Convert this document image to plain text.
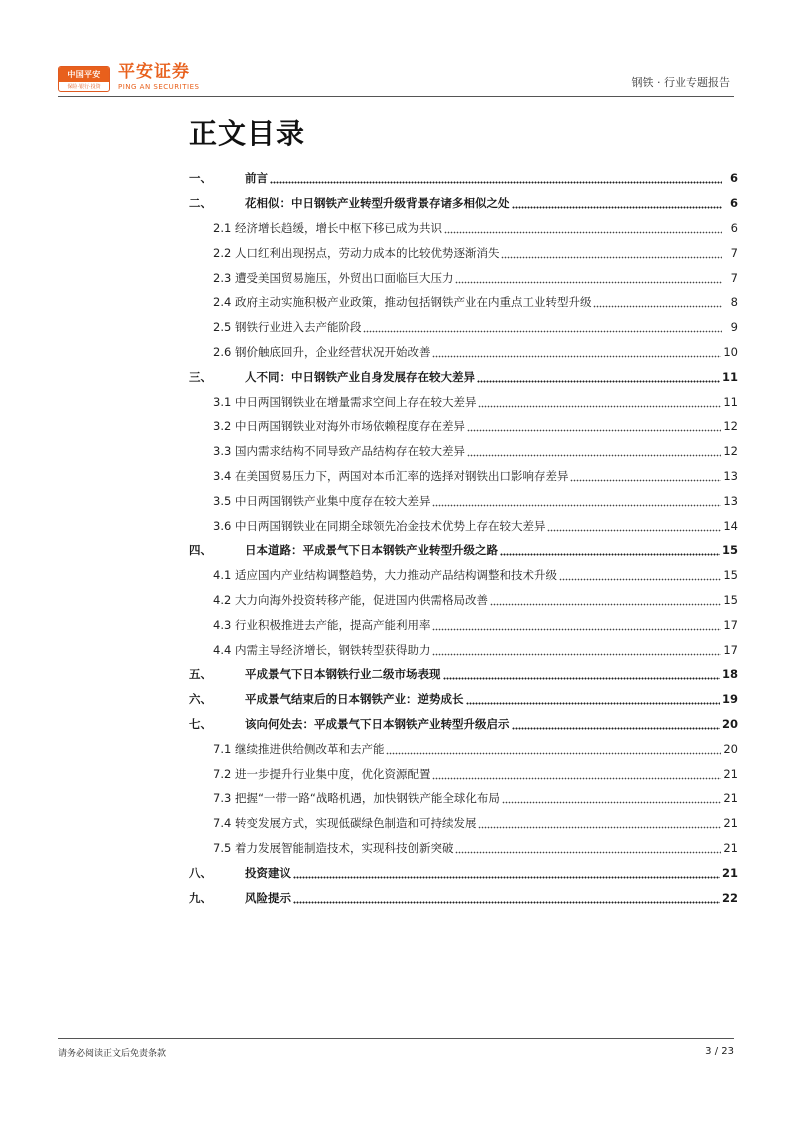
中国平安
保险·银行·投资
平安证券
PING AN SECURITIES	钢铁 · 行业专题报告
正文目录
一、	前言	6
二、	花相似：中日钢铁产业转型升级背景存诸多相似之处	6
2.1 经济增长趋缓，增长中枢下移已成为共识	6
2.2 人口红利出现拐点，劳动力成本的比较优势逐渐消失	7
2.3 遭受美国贸易施压，外贸出口面临巨大压力	7
2.4 政府主动实施积极产业政策，推动包括钢铁产业在内重点工业转型升级	8
2.5 钢铁行业进入去产能阶段	9
2.6 钢价触底回升，企业经营状况开始改善	10
三、	人不同：中日钢铁产业自身发展存在较大差异	11
3.1 中日两国钢铁业在增量需求空间上存在较大差异	11
3.2 中日两国钢铁业对海外市场依赖程度存在差异	12
3.3 国内需求结构不同导致产品结构存在较大差异	12
3.4 在美国贸易压力下，两国对本币汇率的选择对钢铁出口影响存差异	13
3.5 中日两国钢铁产业集中度存在较大差异	13
3.6 中日两国钢铁业在同期全球领先冶金技术优势上存在较大差异	14
四、	日本道路：平成景气下日本钢铁产业转型升级之路	15
4.1 适应国内产业结构调整趋势，大力推动产品结构调整和技术升级	15
4.2 大力向海外投资转移产能，促进国内供需格局改善	15
4.3 行业积极推进去产能，提高产能利用率	17
4.4 内需主导经济增长，钢铁转型获得助力	17
五、	平成景气下日本钢铁行业二级市场表现	18
六、	平成景气结束后的日本钢铁产业：逆势成长	19
七、	该向何处去：平成景气下日本钢铁产业转型升级启示	20
7.1 继续推进供给侧改革和去产能	20
7.2 进一步提升行业集中度，优化资源配置	21
7.3 把握“一带一路“战略机遇，加快钢铁产能全球化布局	21
7.4 转变发展方式，实现低碳绿色制造和可持续发展	21
7.5 着力发展智能制造技术，实现科技创新突破	21
八、	投资建议	21
九、	风险提示	22
请务必阅读正文后免责条款	3 / 23
